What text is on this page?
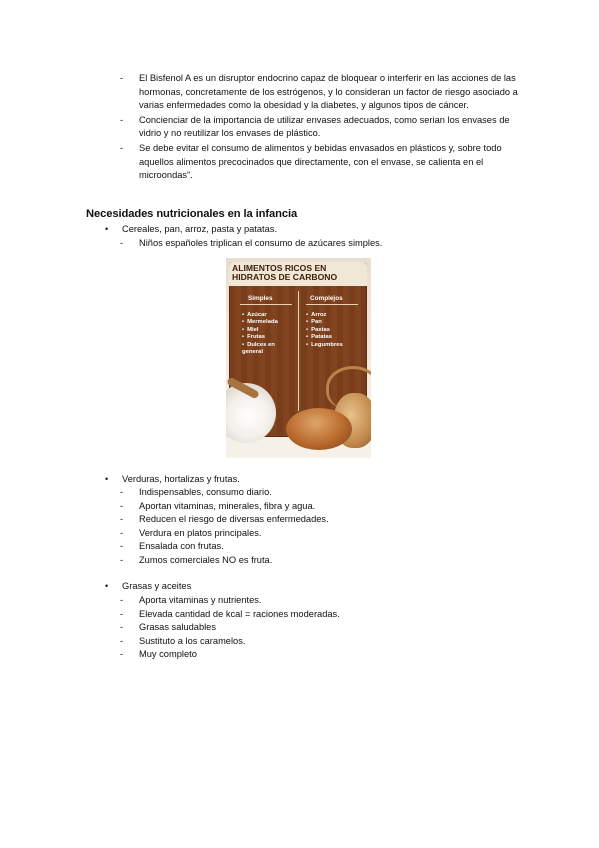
- El Bisfenol A es un disruptor endocrino capaz de bloquear o interferir en las acciones de las hormonas, concretamente de los estrógenos, y lo consideran un factor de riesgo asociado a varias enfermedades como la obesidad y la diabetes, y algunos tipos de cáncer.
- Concienciar de la importancia de utilizar envases adecuados, como serian los envases de vidrio y no reutilizar los envases de plástico.
- Se debe evitar el consumo de alimentos y bebidas envasados en plásticos y, sobre todo aquellos alimentos precocinados que directamente, con el envase, se calienta en el microondas”.
Necesidades nutricionales en la infancia
• Cereales, pan, arroz, pasta y patatas.
- Niños españoles triplican el consumo de azúcares simples.
ALIMENTOS RICOS EN HIDRATOS DE CARBONO
Simples	Complejos
• Azúcar
• Mermelada
• Miel
• Frutas
• Dulces en general
• Arroz
• Pan
• Pastas
• Patatas
• Legumbres
• Verduras, hortalizas y frutas.
- Indispensables, consumo diario.
- Aportan vitaminas, minerales, fibra y agua.
- Reducen el riesgo de diversas enfermedades.
- Verdura en platos principales.
- Ensalada con frutas.
- Zumos comerciales NO es fruta.
• Grasas y aceites
- Aporta vitaminas y nutrientes.
- Elevada cantidad de kcal = raciones moderadas.
- Grasas saludables
- Sustituto a los caramelos.
- Muy completo
